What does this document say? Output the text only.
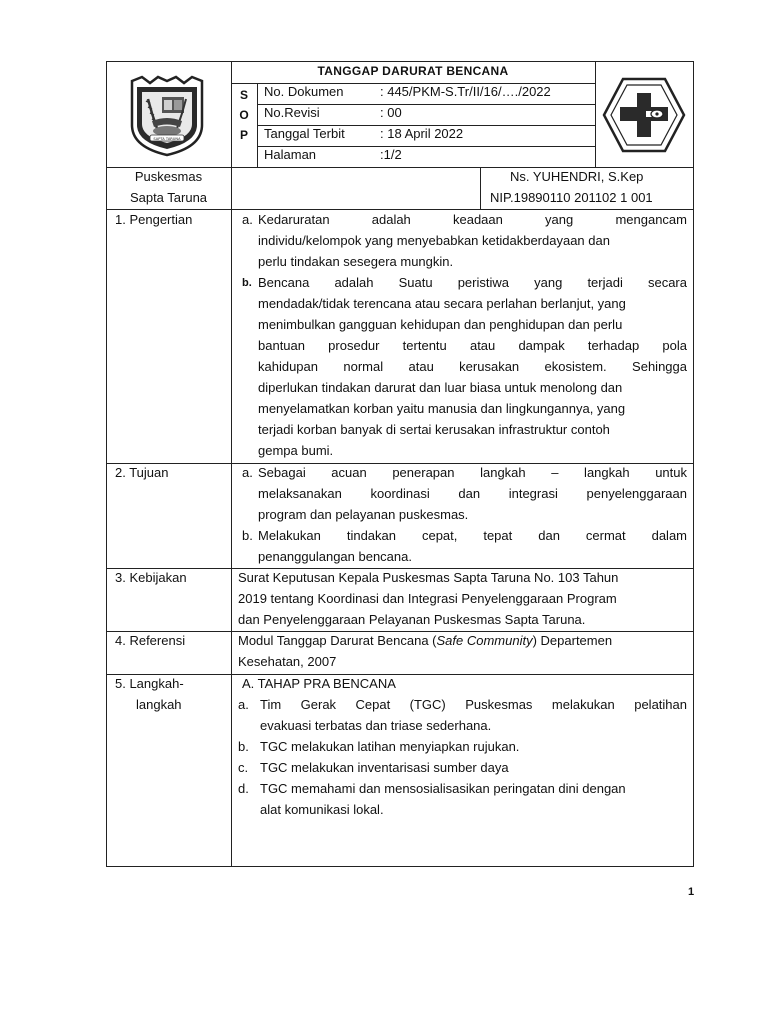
SAPTA TARUNA
TANGGAP DARURAT BENCANA
S
O
P
No. Dokumen	: 445/PKM-S.Tr/II/16/…./2022
No.Revisi	: 00
Tanggal Terbit	: 18 April 2022
Halaman	:1/2
Puskesmas
Sapta Taruna
Ns. YUHENDRI, S.Kep
NIP.19890110 201102 1 001
1. Pengertian	a. Kedaruratan adalah keadaan yang mengancam
individu/kelompok yang menyebabkan ketidakberdayaan dan
perlu tindakan sesegera mungkin.
b. Bencana adalah Suatu peristiwa yang terjadi secara
mendadak/tidak terencana atau secara perlahan berlanjut, yang
menimbulkan gangguan kehidupan dan penghidupan dan perlu
bantuan prosedur tertentu atau dampak terhadap pola
kahidupan normal atau kerusakan ekosistem. Sehingga
diperlukan tindakan darurat dan luar biasa untuk menolong dan
menyelamatkan korban yaitu manusia dan lingkungannya, yang
terjadi korban banyak di sertai kerusakan infrastruktur contoh
gempa bumi.
2. Tujuan	a. Sebagai acuan penerapan langkah – langkah untuk
melaksanakan koordinasi dan integrasi penyelenggaraan
program dan pelayanan puskesmas.
b. Melakukan tindakan cepat, tepat dan cermat dalam
penanggulangan bencana.
3. Kebijakan	Surat Keputusan Kepala Puskesmas Sapta Taruna No. 103 Tahun
2019 tentang Koordinasi dan Integrasi Penyelenggaraan Program
dan Penyelenggaraan Pelayanan Puskesmas Sapta Taruna.
4. Referensi	Modul Tanggap Darurat Bencana (Safe Community) Departemen
Kesehatan, 2007
5. Langkah-
langkah
A. TAHAP PRA BENCANA
a. Tim Gerak Cepat (TGC) Puskesmas melakukan pelatihan
evakuasi terbatas dan triase sederhana.
b. TGC melakukan latihan menyiapkan rujukan.
c. TGC melakukan inventarisasi sumber daya
d. TGC memahami dan mensosialisasikan peringatan dini dengan
alat komunikasi lokal.
1
